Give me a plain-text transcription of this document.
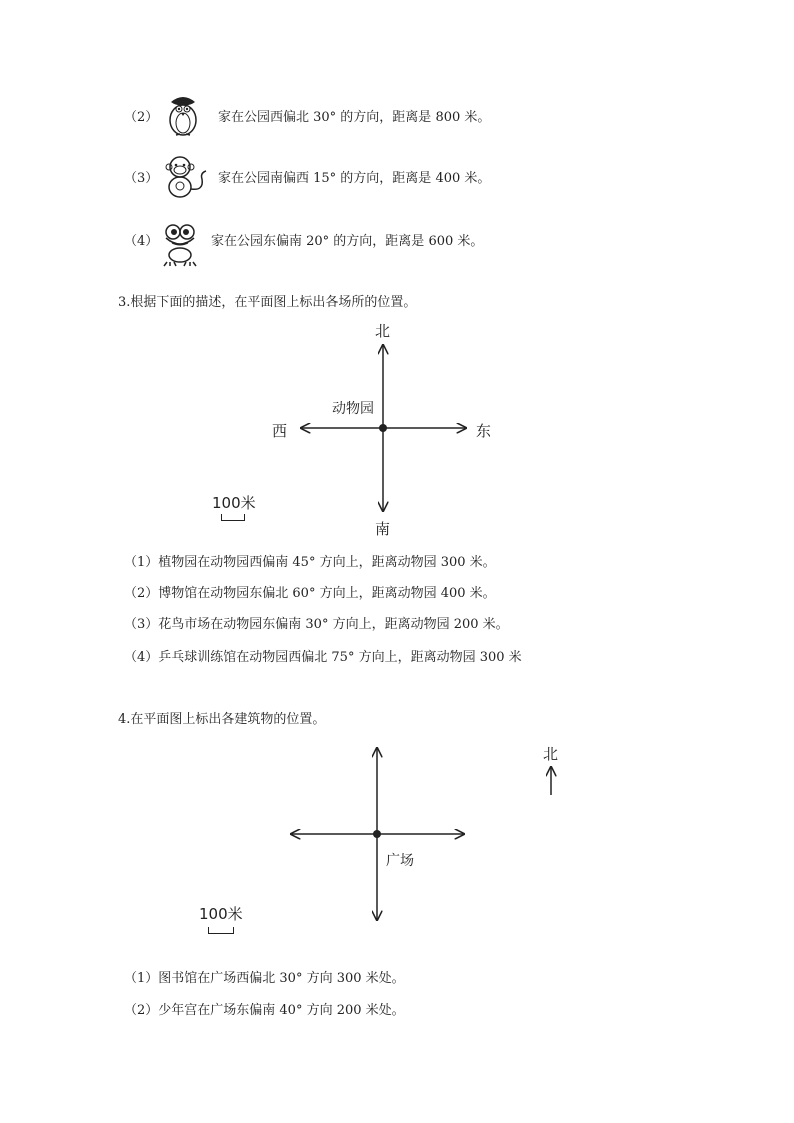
（2）	家在公园西偏北 30° 的方向，距离是 800 米。
（3）	家在公园南偏西 15° 的方向，距离是 400 米。
（4）	家在公园东偏南 20° 的方向，距离是 600 米。
3.根据下面的描述，在平面图上标出各场所的位置。
北
南
西	东
动物园
100米
（1）植物园在动物园西偏南 45° 方向上，距离动物园 300 米。
（2）博物馆在动物园东偏北 60° 方向上，距离动物园 400 米。
（3）花鸟市场在动物园东偏南 30° 方向上，距离动物园 200 米。
（4）乒乓球训练馆在动物园西偏北 75° 方向上，距离动物园 300 米
4.在平面图上标出各建筑物的位置。
北
广场
100米
（1）图书馆在广场西偏北 30° 方向 300 米处。
（2）少年宫在广场东偏南 40° 方向 200 米处。
